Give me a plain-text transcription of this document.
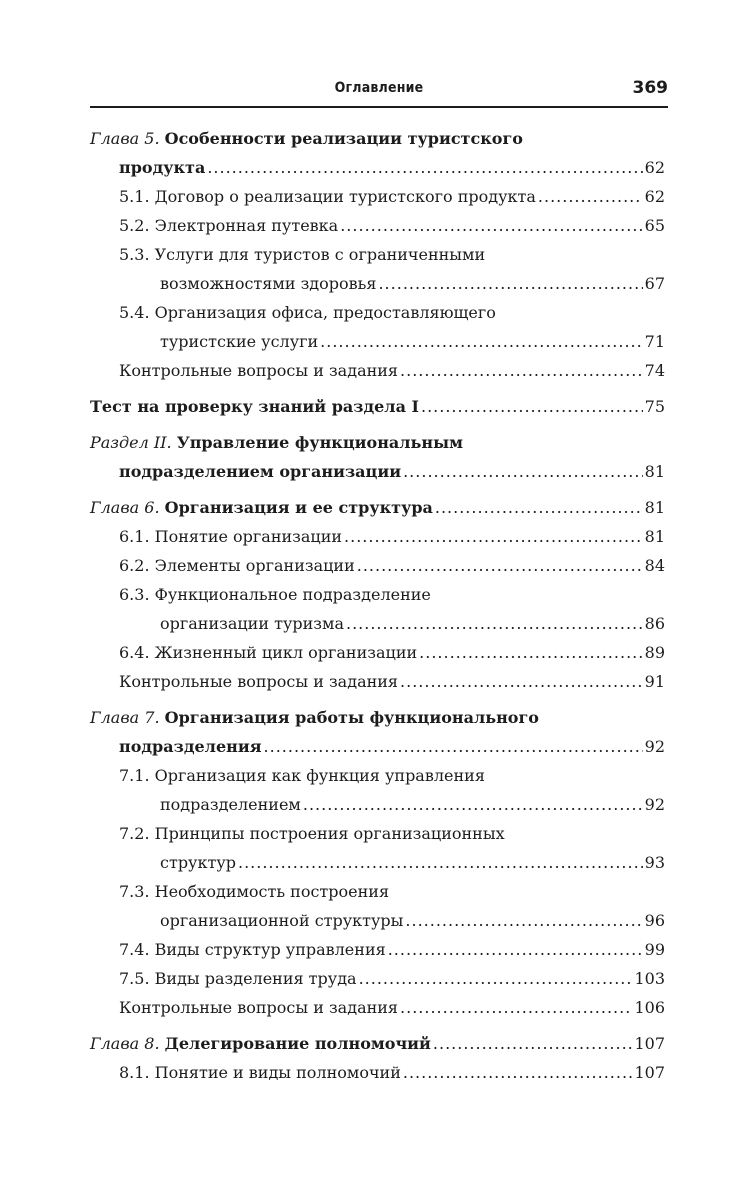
Оглавление	369
Глава 5. Особенности реализации туристского
продукта .....	62
5.1. Договор о реализации туристского продукта .....	62
5.2. Электронная путевка .....	65
5.3. Услуги для туристов с ограниченными
возможностями здоровья .....	67
5.4. Организация офиса, предоставляющего
туристские услуги .....	71
Контрольные вопросы и задания .....	74
Тест на проверку знаний раздела I .....	75
Раздел II. Управление функциональным
подразделением организации .....	81
Глава 6. Организация и ее структура .....	81
6.1. Понятие организации .....	81
6.2. Элементы организации .....	84
6.3. Функциональное подразделение
организации туризма .....	86
6.4. Жизненный цикл организации .....	89
Контрольные вопросы и задания .....	91
Глава 7. Организация работы функционального
подразделения .....	92
7.1. Организация как функция управления
подразделением .....	92
7.2. Принципы построения организационных
структур .....	93
7.3. Необходимость построения
организационной структуры .....	96
7.4. Виды структур управления .....	99
7.5. Виды разделения труда .....	103
Контрольные вопросы и задания .....	106
Глава 8. Делегирование полномочий .....	107
8.1. Понятие и виды полномочий .....	107
